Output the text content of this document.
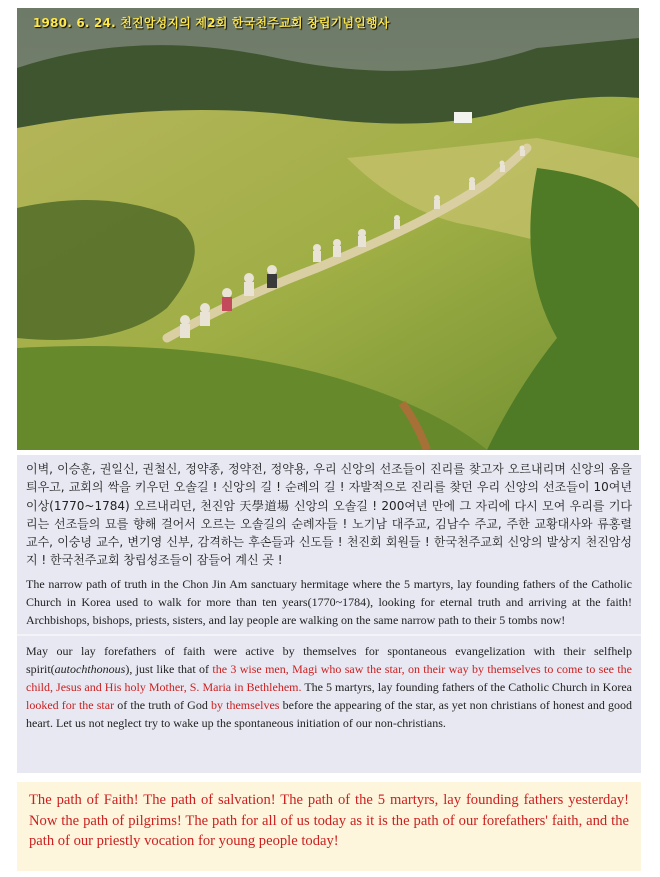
1980. 6. 24. 천진암성지의 제2회 한국천주교회 창립기념일행사

이벽, 이승훈, 권일신, 권철신, 정약종, 정약전, 정약용, 우리 신앙의 선조들이 진리를 찾고자 오르내리며 신앙의 움을 틔우고, 교회의 싹을 키우던 오솔길 ! 신앙의 길 ! 순례의 길 ! 자발적으로 진리를 찾던 우리 신앙의 선조들이 10여년 이상(1770~1784) 오르내리던, 천진암 天學道場 신앙의 오솔길 ! 200여년 만에 그 자리에 다시 모여 우리를 기다리는 선조들의 묘를 향해 걸어서 오르는 오솔길의 순례자들 ! 노기남 대주교, 김남수 주교, 주한 교황대사와 류홍렬 교수, 이숭녕 교수, 변기영 신부, 감격하는 후손들과 신도들 ! 천진회 회원들 ! 한국천주교회 신앙의 발상지 천진암성지 ! 한국천주교회 창립성조들이 잠들어 계신 곳 !

The narrow path of truth in the Chon Jin Am sanctuary hermitage where the 5 martyrs, lay founding fathers of the Catholic Church in Korea used to walk for more than ten years(1770~1784), looking for eternal truth and arriving at the faith! Archbishops, bishops, priests, sisters, and lay people are walking on the same narrow path to their 5 tombs now!

May our lay forefathers of faith were active by themselves for spontaneous evangelization with their selfhelp spirit(autochthonous), just like that of the 3 wise men, Magi who saw the star, on their way by themselves to come to see the child, Jesus and His holy Mother, S. Maria in Bethlehem. The 5 martyrs, lay founding fathers of the Catholic Church in Korea looked for the star of the truth of God by themselves before the appearing of the star, as yet non christians of honest and good heart. Let us not neglect try to wake up the spontaneous initiation of our non-christians.

The path of Faith! The path of salvation! The path of the 5 martyrs, lay founding fathers yesterday! Now the path of pilgrims! The path for all of us today as it is the path of our forefathers' faith, and the path of our priestly vocation for young people today!
